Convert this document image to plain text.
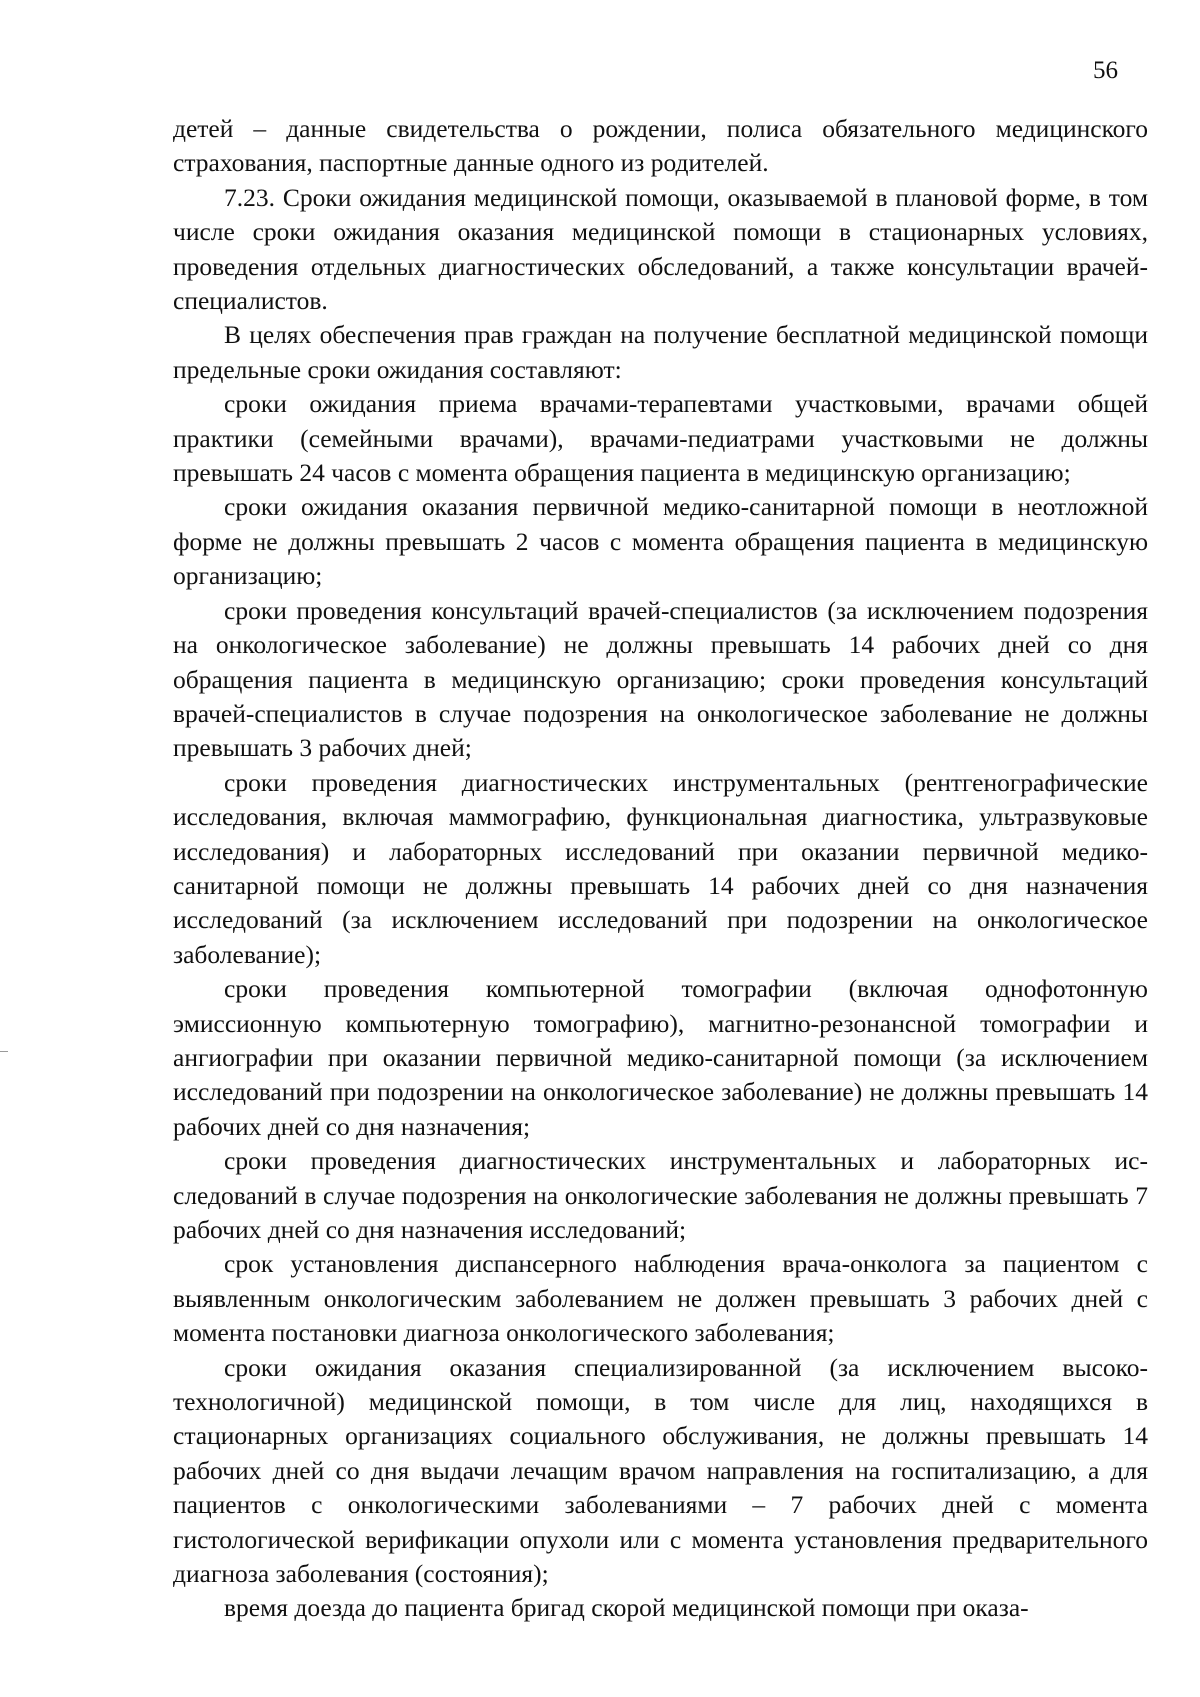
56

детей – данные свидетельства о рождении, полиса обязательного медицинского страхования, паспортные данные одного из родителей.

7.23. Сроки ожидания медицинской помощи, оказываемой в плановой форме, в том числе сроки ожидания оказания медицинской помощи в стационарных условиях, проведения отдельных диагностических обследований, а также консультации врачей-специалистов.

В целях обеспечения прав граждан на получение бесплатной медицинской помощи предельные сроки ожидания составляют:

сроки ожидания приема врачами-терапевтами участковыми, врачами общей практики (семейными врачами), врачами-педиатрами участковыми не должны превышать 24 часов с момента обращения пациента в медицинскую организацию;

сроки ожидания оказания первичной медико-санитарной помощи в неотложной форме не должны превышать 2 часов с момента обращения пациента в медицинскую организацию;

сроки проведения консультаций врачей-специалистов (за исключением подозрения на онкологическое заболевание) не должны превышать 14 рабочих дней со дня обращения пациента в медицинскую организацию; сроки проведения консультаций врачей-специалистов в случае подозрения на онкологическое заболевание не должны превышать 3 рабочих дней;

сроки проведения диагностических инструментальных (рентгенографические исследования, включая маммографию, функциональная диагностика, ультразвуковые исследования) и лабораторных исследований при оказании первичной медико-санитарной помощи не должны превышать 14 рабочих дней со дня назначения исследований (за исключением исследований при подозрении на онкологическое заболевание);

сроки проведения компьютерной томографии (включая однофотонную эмиссионную компьютерную томографию), магнитно-резонансной томографии и ангиографии при оказании первичной медико-санитарной помощи (за исключением исследований при подозрении на онкологическое заболевание) не должны превышать 14 рабочих дней со дня назначения;

сроки проведения диагностических инструментальных и лабораторных исследований в случае подозрения на онкологические заболевания не должны превышать 7 рабочих дней со дня назначения исследований;

срок установления диспансерного наблюдения врача-онколога за пациентом с выявленным онкологическим заболеванием не должен превышать 3 рабочих дней с момента постановки диагноза онкологического заболевания;

сроки ожидания оказания специализированной (за исключением высокотехнологичной) медицинской помощи, в том числе для лиц, находящихся в стационарных организациях социального обслуживания, не должны превышать 14 рабочих дней со дня выдачи лечащим врачом направления на госпитализацию, а для пациентов с онкологическими заболеваниями – 7 рабочих дней с момента гистологической верификации опухоли или с момента установления предварительного диагноза заболевания (состояния);

время доезда до пациента бригад скорой медицинской помощи при оказа-
